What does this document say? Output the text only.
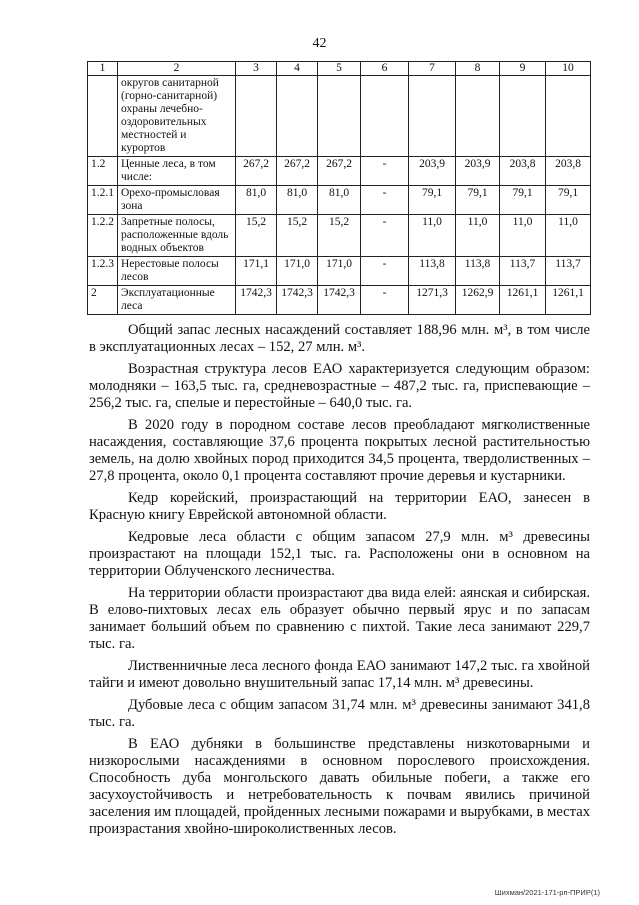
42
1	2	3	4	5	6	7	8	9	10
	округов санитарной (горно-санитарной) охраны лечебно-оздоровительных местностей и курортов								
1.2	Ценные леса, в том числе:	267,2	267,2	267,2	-	203,9	203,9	203,8	203,8
1.2.1	Орехо-промысловая зона	81,0	81,0	81,0	-	79,1	79,1	79,1	79,1
1.2.2	Запретные полосы, расположенные вдоль водных объектов	15,2	15,2	15,2	-	11,0	11,0	11,0	11,0
1.2.3	Нерестовые полосы лесов	171,1	171,0	171,0	-	113,8	113,8	113,7	113,7
2	Эксплуатационные леса	1742,3	1742,3	1742,3	-	1271,3	1262,9	1261,1	1261,1

Общий запас лесных насаждений составляет 188,96 млн. м³, в том числе в эксплуатационных лесах – 152, 27 млн. м³.

Возрастная структура лесов ЕАО характеризуется следующим образом: молодняки – 163,5 тыс. га, средневозрастные – 487,2 тыс. га, приспевающие – 256,2 тыс. га, спелые и перестойные – 640,0 тыс. га.

В 2020 году в породном составе лесов преобладают мягколиственные насаждения, составляющие 37,6 процента покрытых лесной растительностью земель, на долю хвойных пород приходится 34,5 процента, твердолиственных – 27,8 процента, около 0,1 процента составляют прочие деревья и кустарники.

Кедр корейский, произрастающий на территории ЕАО, занесен в Красную книгу Еврейской автономной области.

Кедровые леса области с общим запасом 27,9 млн. м³ древесины произрастают на площади 152,1 тыс. га. Расположены они в основном на территории Облученского лесничества.

На территории области произрастают два вида елей: аянская и сибирская. В елово-пихтовых лесах ель образует обычно первый ярус и по запасам занимает больший объем по сравнению с пихтой. Такие леса занимают 229,7 тыс. га.

Лиственничные леса лесного фонда ЕАО занимают 147,2 тыс. га хвойной тайги и имеют довольно внушительный запас 17,14 млн. м³ древесины.

Дубовые леса с общим запасом 31,74 млн. м³ древесины занимают 341,8 тыс. га.

В ЕАО дубняки в большинстве представлены низкотоварными и низкорослыми насаждениями в основном порослевого происхождения. Способность дуба монгольского давать обильные побеги, а также его засухоустойчивость и нетребовательность к почвам явились причиной заселения им площадей, пройденных лесными пожарами и вырубками, в местах произрастания хвойно-широколиственных лесов.

Шихман/2021-171-рп-ПРИР(1)
